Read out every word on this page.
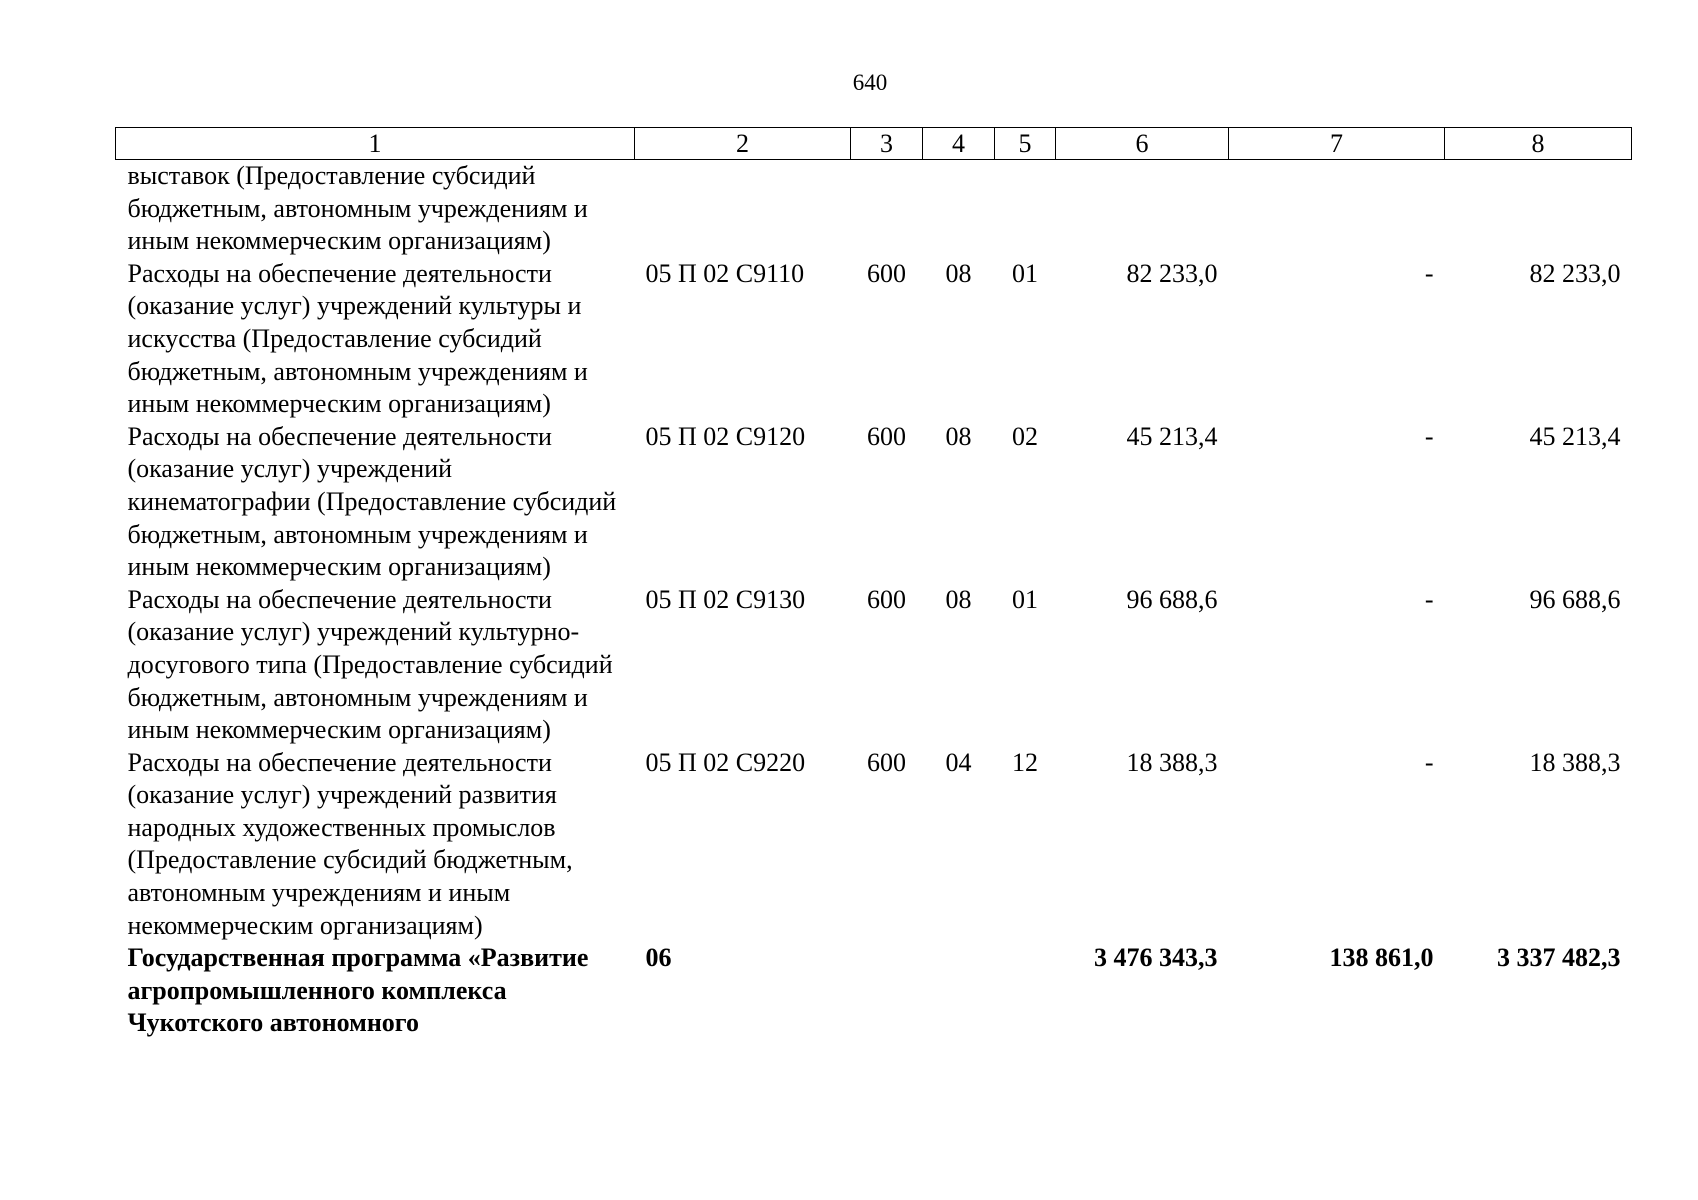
640
1	2	3	4	5	6	7	8
выставок (Предоставление субсидий бюджетным, автономным учреждениям и иным некоммерческим организациям)							
Расходы на обеспечение деятельности (оказание услуг) учреждений культуры и искусства (Предоставление субсидий бюджетным, автономным учреждениям и иным некоммерческим организациям)	05 П 02 С9110	600	08	01	82 233,0	-	82 233,0
Расходы на обеспечение деятельности (оказание услуг) учреждений кинематографии (Предоставление субсидий бюджетным, автономным учреждениям и иным некоммерческим организациям)	05 П 02 С9120	600	08	02	45 213,4	-	45 213,4
Расходы на обеспечение деятельности (оказание услуг) учреждений культурно-досугового типа (Предоставление субсидий бюджетным, автономным учреждениям и иным некоммерческим организациям)	05 П 02 С9130	600	08	01	96 688,6	-	96 688,6
Расходы на обеспечение деятельности (оказание услуг) учреждений развития народных художественных промыслов (Предоставление субсидий бюджетным, автономным учреждениям и иным некоммерческим организациям)	05 П 02 С9220	600	04	12	18 388,3	-	18 388,3
Государственная программа «Развитие агропромышленного комплекса Чукотского автономного	06				3 476 343,3	138 861,0	3 337 482,3
